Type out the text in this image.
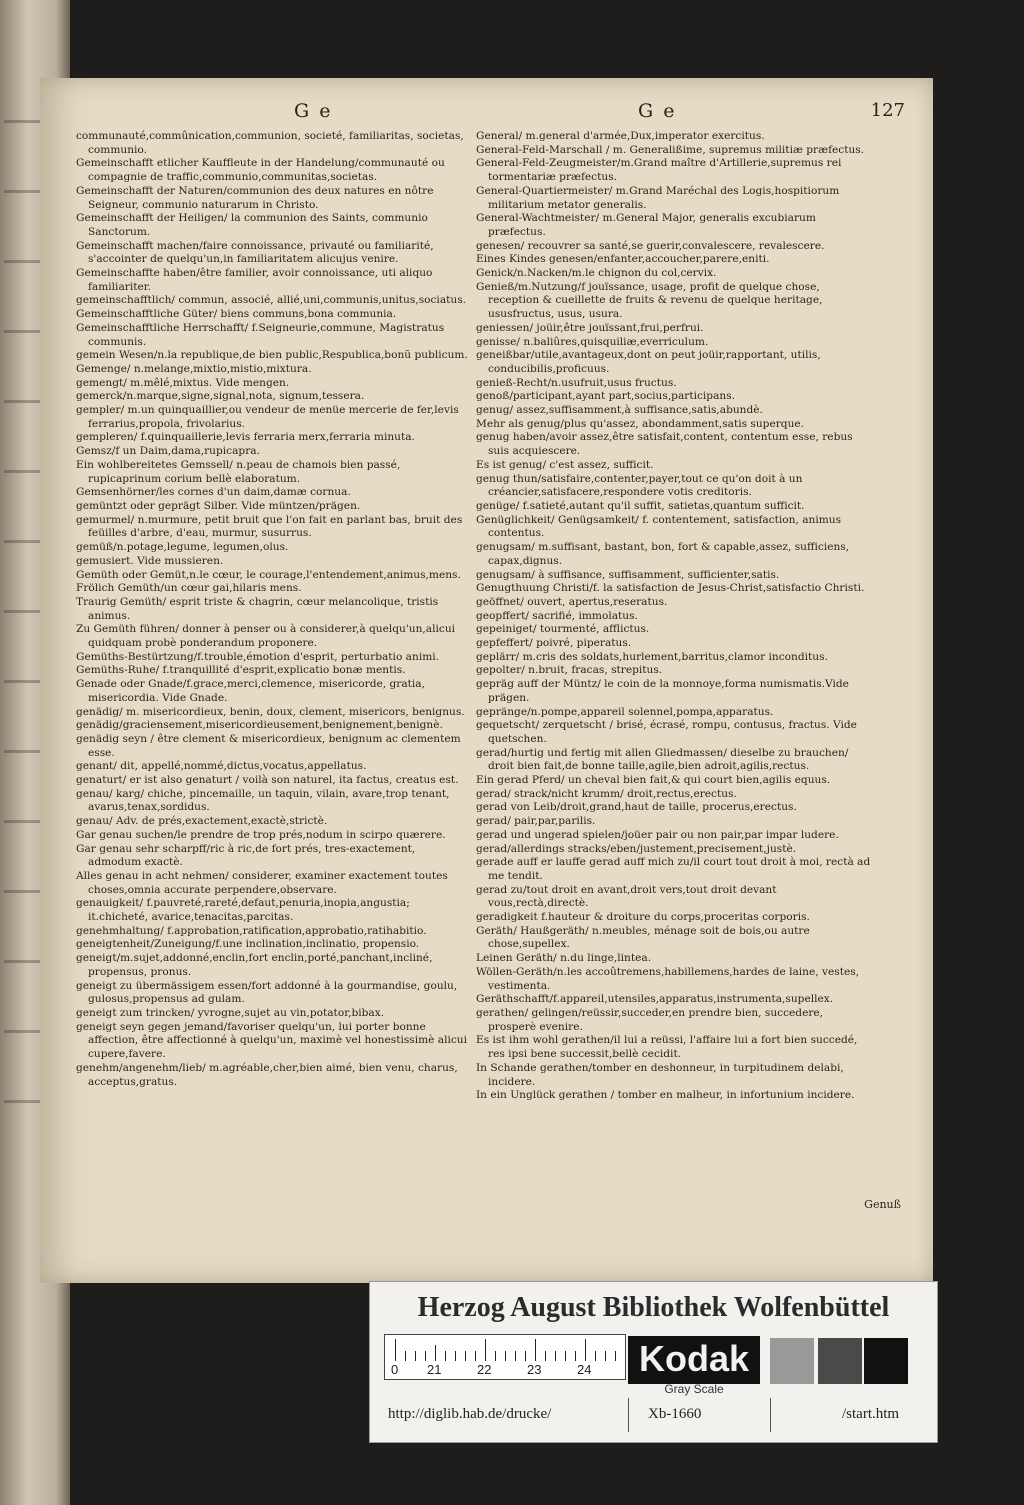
G e	G e	127

communauté,commûnication,communion, societé, familiaritas, societas, communio.

Gemeinschafft etlicher Kauffleute in der Handelung/communauté ou compagnie de traffic,communio,communitas,societas.

Gemeinschafft der Naturen/communion des deux natures en nôtre Seigneur, communio naturarum in Christo.

Gemeinschafft der Heiligen/ la communion des Saints, communio Sanctorum.

Gemeinschafft machen/faire connoissance, privauté ou familiarité, s'accointer de quelqu'un,in familiaritatem alicujus venire.

Gemeinschaffte haben/être familier, avoir connoissance, uti aliquo familiariter.

gemeinschafftlich/ commun, associé, allié,uni,communis,unitus,sociatus.

Gemeinschafftliche Güter/ biens communs,bona communia.

Gemeinschafftliche Herrschafft/ f.Seigneurie,commune, Magistratus communis.

gemein Wesen/n.la republique,de bien public,Respublica,bonũ publicum.

Gemenge/ n.melange,mixtio,mistio,mixtura.

gemengt/ m.mêlé,mixtus. Vide mengen.

gemerck/n.marque,signe,signal,nota, signum,tessera.

gempler/ m.un quinquaillier,ou vendeur de menüe mercerie de fer,levis ferrarius,propola, frivolarius.

gempleren/ f.quinquaillerie,levis ferraria merx,ferraria minuta.

Gemsz/f un Daim,dama,rupicapra.

Ein wohlbereitetes Gemssell/ n.peau de chamois bien passé, rupicaprinum corium bellè elaboratum.

Gemsenhörner/les cornes d'un daim,damæ cornua.

gemüntzt oder geprägt Silber. Vide müntzen/prägen.

gemurmel/ n.murmure, petit bruit que l'on fait en parlant bas, bruit des feüilles d'arbre, d'eau, murmur, susurrus.

gemüß/n.potage,legume, legumen,olus.

gemusiert. Vide mussieren.

Gemüth oder Gemüt,n.le cœur, le courage,l'entendement,animus,mens.

Frölich Gemüth/un cœur gai,hilaris mens.

Traurig Gemüth/ esprit triste & chagrin, cœur melancolique, tristis animus.

Zu Gemüth führen/ donner à penser ou à considerer,à quelqu'un,alicui quidquam probè ponderandum proponere.

Gemüths-Bestürtzung/f.trouble,émotion d'esprit, perturbatio animi.

Gemüths-Ruhe/ f.tranquillité d'esprit,explicatio bonæ mentis.

Genade oder Gnade/f.grace,merci,clemence, misericorde, gratia, misericordia. Vide Gnade.

genädig/ m. misericordieux, benin, doux, clement, misericors, benignus.

genädig/graciensement,misericordieusement,benignement,benignè.

genädig seyn / être clement & misericordieux, benignum ac clementem esse.

genant/ dit, appellé,nommé,dictus,vocatus,appellatus.

genaturt/ er ist also genaturt / voilà son naturel, ita factus, creatus est.

genau/ karg/ chiche, pincemaille, un taquin, vilain, avare,trop tenant, avarus,tenax,sordidus.

genau/ Adv. de prés,exactement,exactè,strictè.

Gar genau suchen/le prendre de trop prés,nodum in scirpo quærere.

Gar genau sehr scharpff/ric à ric,de fort prés, tres-exactement, admodum exactè.

Alles genau in acht nehmen/ considerer, examiner exactement toutes choses,omnia accurate perpendere,observare.

genauigkeit/ f.pauvreté,rareté,defaut,penuria,inopia,angustia; it.chicheté, avarice,tenacitas,parcitas.

genehmhaltung/ f.approbation,ratification,approbatio,ratihabitio.

geneigtenheit/Zuneigung/f.une inclination,inclinatio, propensio.

geneigt/m.sujet,addonné,enclin,fort enclin,porté,panchant,incliné, propensus, pronus.

geneigt zu übermässigem essen/fort addonné à la gourmandise, goulu, gulosus,propensus ad gulam.

geneigt zum trincken/ yvrogne,sujet au vin,potator,bibax.

geneigt seyn gegen jemand/favoriser quelqu'un, lui porter bonne affection, être affectionné à quelqu'un, maximè vel honestissimè alicui cupere,favere.

genehm/angenehm/lieb/ m.agréable,cher,bien aimé, bien venu, charus, acceptus,gratus.

General/ m.general d'armée,Dux,imperator exercitus.

General-Feld-Marschall / m. Generalißime, supremus militiæ præfectus.

General-Feld-Zeugmeister/m.Grand maître d'Artillerie,supremus rei tormentariæ præfectus.

General-Quartiermeister/ m.Grand Maréchal des Logis,hospitiorum militarium metator generalis.

General-Wachtmeister/ m.General Major, generalis excubiarum præfectus.

genesen/ recouvrer sa santé,se guerir,convalescere, revalescere.

Eines Kindes genesen/enfanter,accoucher,parere,eniti.

Genick/n.Nacken/m.le chignon du col,cervix.

Genieß/m.Nutzung/f jouïssance, usage, profit de quelque chose, reception & cueillette de fruits & revenu de quelque heritage, ususfructus, usus, usura.

geniessen/ joüir,être jouïssant,frui,perfrui.

genisse/ n.baliûres,quisquiliæ,everriculum.

geneißbar/utile,avantageux,dont on peut joüir,rapportant, utilis, conducibilis,proficuus.

genieß-Recht/n.usufruit,usus fructus.

genoß/participant,ayant part,socius,participans.

genug/ assez,suffisamment,à suffisance,satis,abundè.

Mehr als genug/plus qu'assez, abondamment,satis superque.

genug haben/avoir assez,être satisfait,content, contentum esse, rebus suis acquiescere.

Es ist genug/ c'est assez, sufficit.

genug thun/satisfaire,contenter,payer,tout ce qu'on doit à un créancier,satisfacere,respondere votis creditoris.

genüge/ f.satieté,autant qu'il suffit, satietas,quantum sufficit.

Genüglichkeit/ Genügsamkeit/ f. contentement, satisfaction, animus contentus.

genugsam/ m.suffisant, bastant, bon, fort & capable,assez, sufficiens, capax,dignus.

genugsam/ à suffisance, suffisamment, sufficienter,satis.

Genugthuung Christi/f. la satisfaction de Jesus-Christ,satisfactio Christi.

geöffnet/ ouvert, apertus,reseratus.

geopffert/ sacrifié, immolatus.

gepeiniget/ tourmenté, afflictus.

gepfeffert/ poivré, piperatus.

geplärr/ m.cris des soldats,hurlement,barritus,clamor inconditus.

gepolter/ n.bruit, fracas, strepitus.

gepräg auff der Müntz/ le coin de la monnoye,forma numismatis.Vide prägen.

gepränge/n.pompe,appareil solennel,pompa,apparatus.

gequetscht/ zerquetscht / brisé, écrasé, rompu, contusus, fractus. Vide quetschen.

gerad/hurtig und fertig mit allen Gliedmassen/ dieselbe zu brauchen/ droit bien fait,de bonne taille,agile,bien adroit,agilis,rectus.

Ein gerad Pferd/ un cheval bien fait,& qui court bien,agilis equus.

gerad/ strack/nicht krumm/ droit,rectus,erectus.

gerad von Leib/droit,grand,haut de taille, procerus,erectus.

gerad/ pair,par,parilis.

gerad und ungerad spielen/joüer pair ou non pair,par impar ludere.

gerad/allerdings stracks/eben/justement,precisement,justè.

gerade auff er lauffe gerad auff mich zu/il court tout droit à moi, rectà ad me tendit.

gerad zu/tout droit en avant,droit vers,tout droit devant vous,rectà,directè.

geradigkeit f.hauteur & droiture du corps,proceritas corporis.

Geräth/ Haußgeräth/ n.meubles, ménage soit de bois,ou autre chose,supellex.

Leinen Geräth/ n.du linge,lintea.

Wöllen-Geräth/n.les accoûtremens,habillemens,hardes de laine, vestes, vestimenta.

Geräthschafft/f.appareil,utensiles,apparatus,instrumenta,supellex.

gerathen/ gelingen/reüssir,succeder,en prendre bien, succedere, prosperè evenire.

Es ist ihm wohl gerathen/il lui a reüssi, l'affaire lui a fort bien succedé, res ipsi bene successit,bellè cecidit.

In Schande gerathen/tomber en deshonneur, in turpitudinem delabi, incidere.

In ein Unglück gerathen / tomber en malheur, in infortunium incidere.

Genuß
Herzog August Bibliothek Wolfenbüttel
0 21	22	23	24	Kodak
Gray Scale
http://diglib.hab.de/drucke/	Xb-1660	/start.htm
